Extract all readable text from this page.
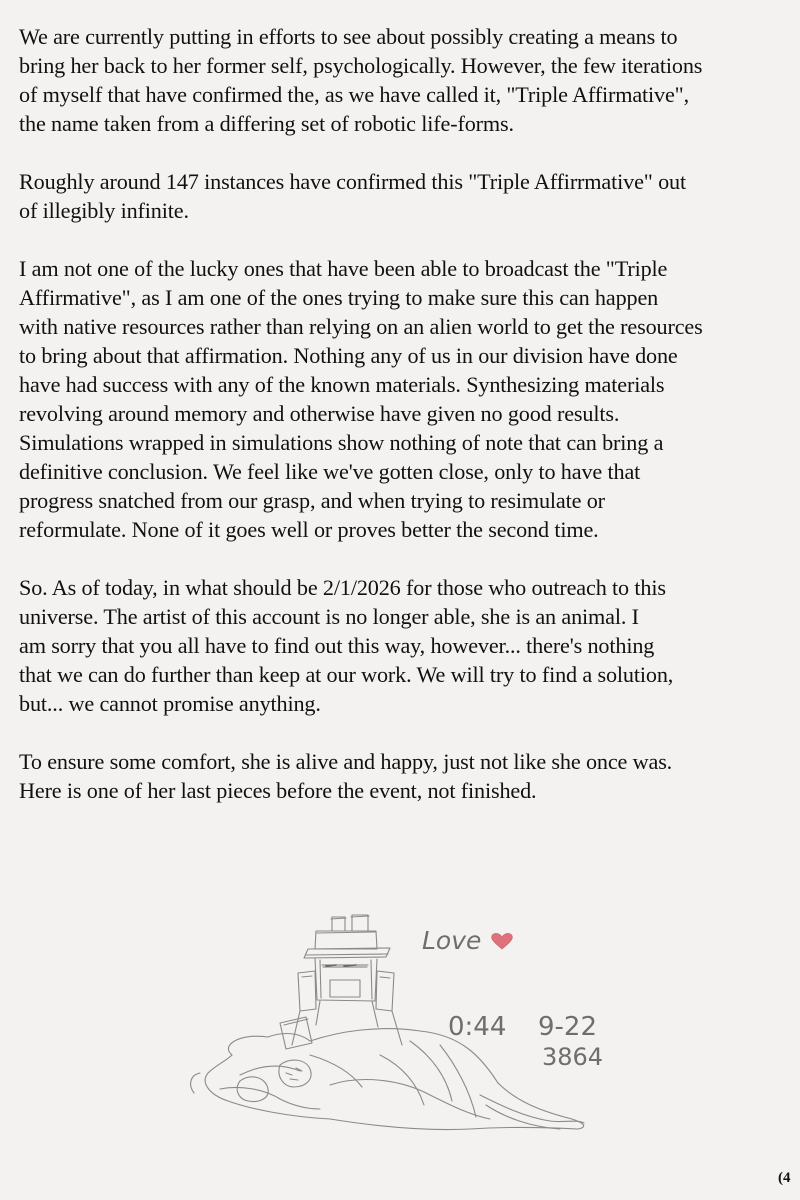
We are currently putting in efforts to see about possibly creating a means to
bring her back to her former self, psychologically. However, the few iterations
of myself that have confirmed the, as we have called it, "Triple Affirmative",
the name taken from a differing set of robotic life-forms.

Roughly around 147 instances have confirmed this "Triple Affirrmative" out
of illegibly infinite.

I am not one of the lucky ones that have been able to broadcast the "Triple
Affirmative", as I am one of the ones trying to make sure this can happen
with native resources rather than relying on an alien world to get the resources
to bring about that affirmation. Nothing any of us in our division have done
have had success with any of the known materials. Synthesizing materials
revolving around memory and otherwise have given no good results.
Simulations wrapped in simulations show nothing of note that can bring a
definitive conclusion. We feel like we've gotten close, only to have that
progress snatched from our grasp, and when trying to resimulate or
reformulate. None of it goes well or proves better the second time.

So. As of today, in what should be 2/1/2026 for those who outreach to this
universe. The artist of this account is no longer able, she is an animal. I
am sorry that you all have to find out this way, however... there's nothing
that we can do further than keep at our work. We will try to find a solution,
but... we cannot promise anything.

To ensure some comfort, she is alive and happy, just not like she once was.
Here is one of her last pieces before the event, not finished.

Love
0:44 9-22
3864
(4
